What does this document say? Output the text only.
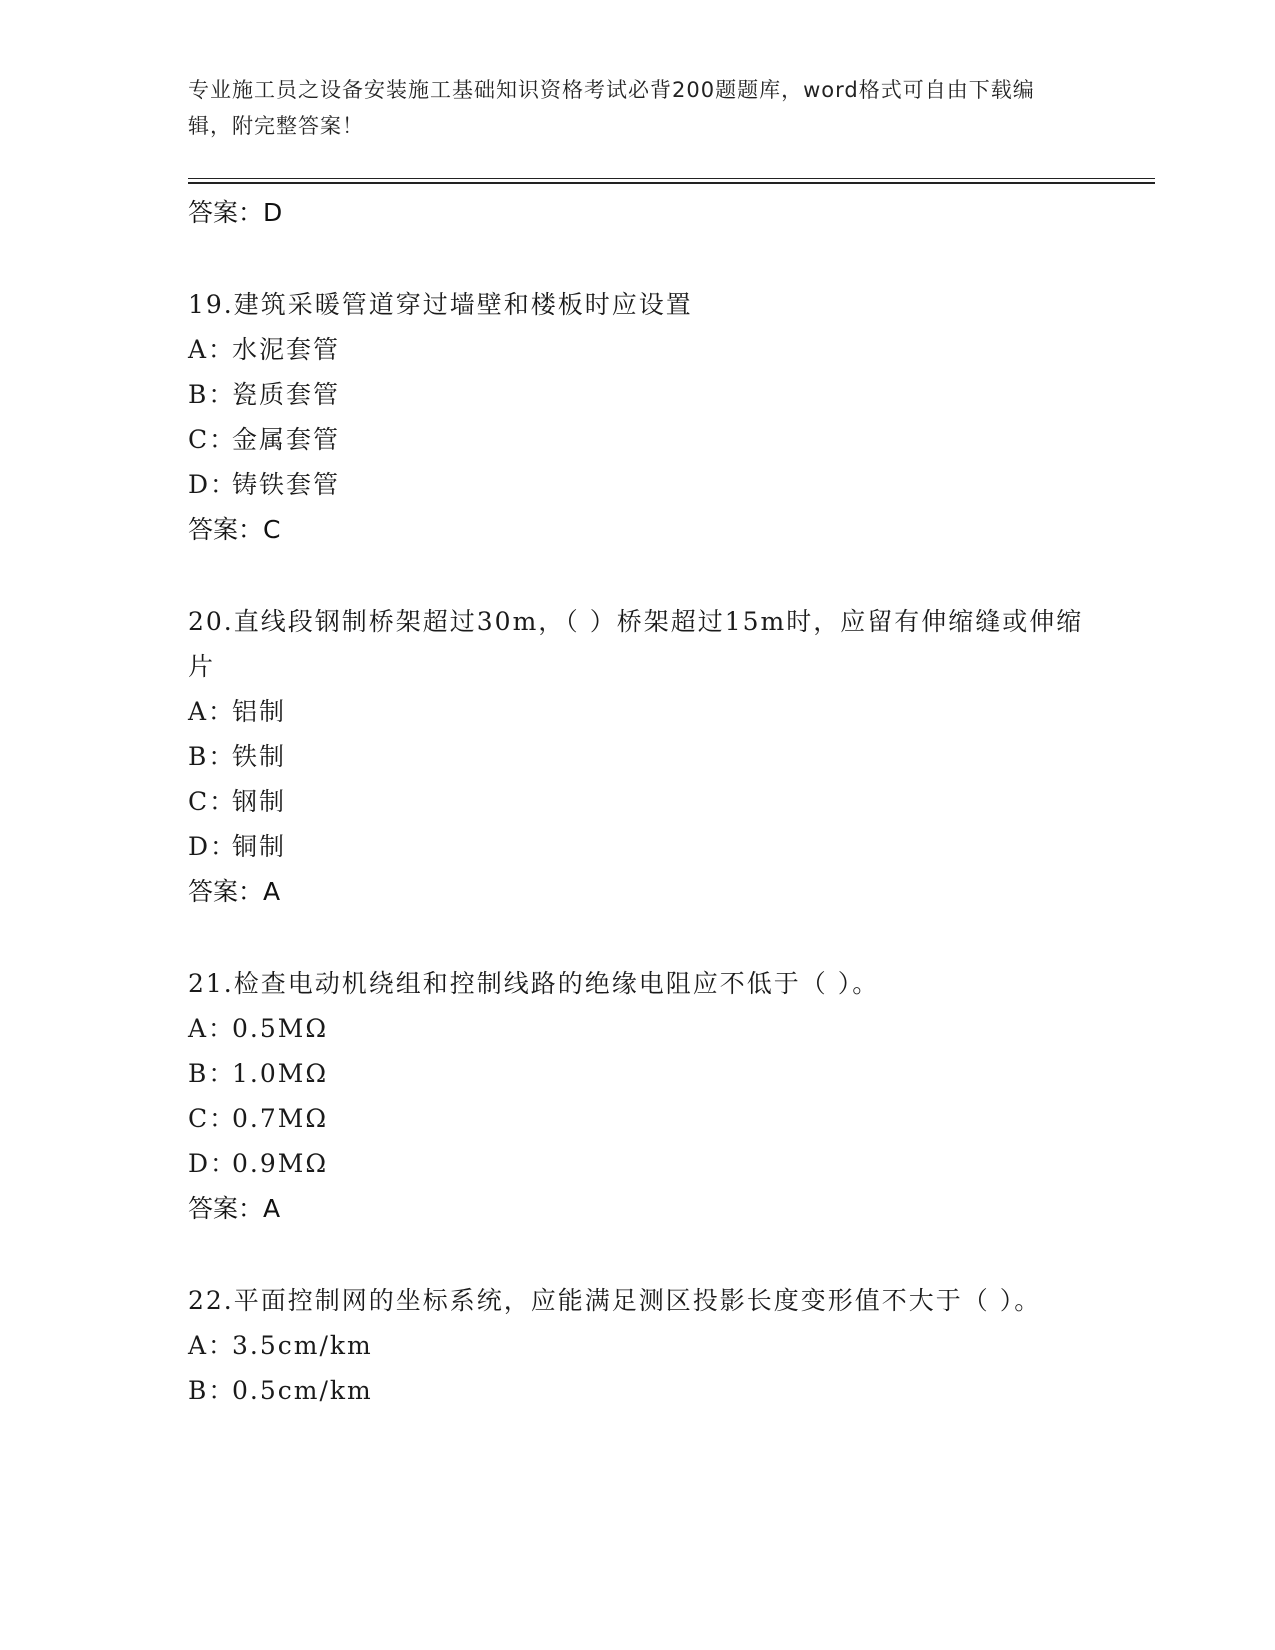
专业施工员之设备安装施工基础知识资格考试必背200题题库，word格式可自由下载编辑，附完整答案！
答案：D
19.建筑采暖管道穿过墙壁和楼板时应设置
A：水泥套管
B：瓷质套管
C：金属套管
D：铸铁套管
答案：C
20.直线段钢制桥架超过30m，（ ）桥架超过15m时，应留有伸缩缝或伸缩片
A：铝制
B：铁制
C：钢制
D：铜制
答案：A
21.检查电动机绕组和控制线路的绝缘电阻应不低于（ ）。
A：0.5MΩ
B：1.0MΩ
C：0.7MΩ
D：0.9MΩ
答案：A
22.平面控制网的坐标系统，应能满足测区投影长度变形值不大于（ ）。
A：3.5cm/km
B：0.5cm/km
